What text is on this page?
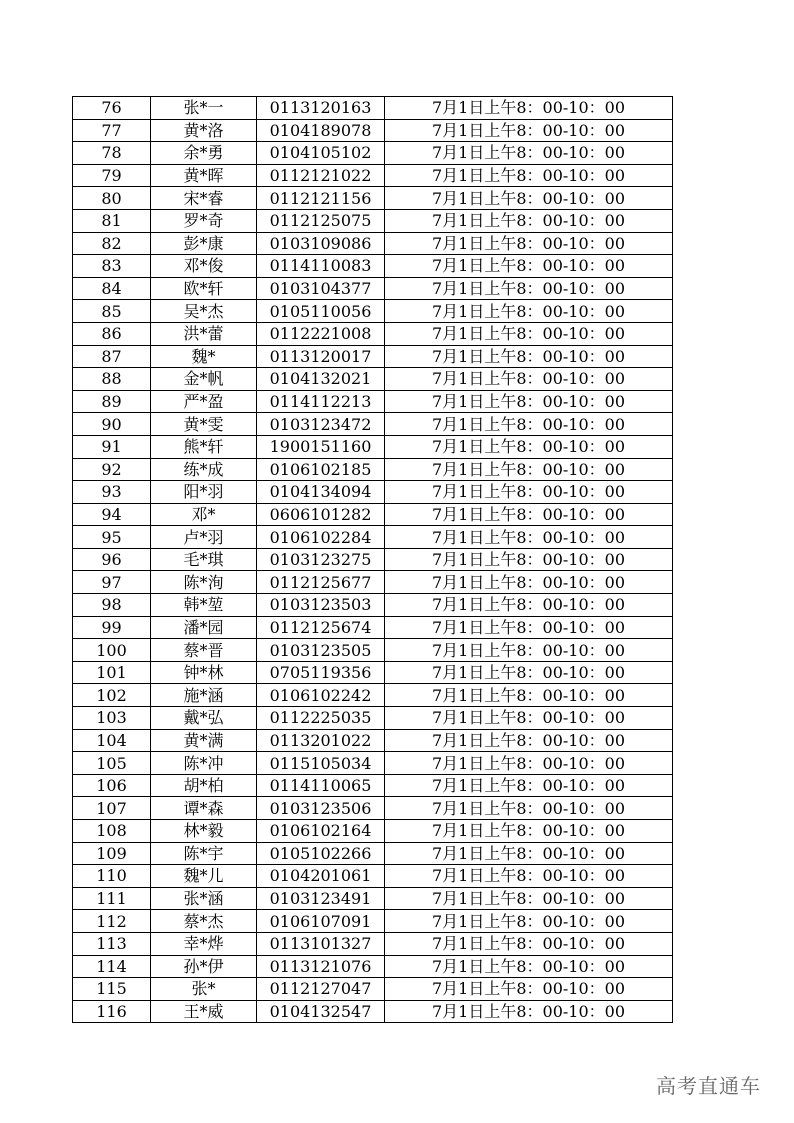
76	张*一	0113120163	7月1日上午8：00-10：00
77	黄*洛	0104189078	7月1日上午8：00-10：00
78	余*勇	0104105102	7月1日上午8：00-10：00
79	黄*晖	0112121022	7月1日上午8：00-10：00
80	宋*睿	0112121156	7月1日上午8：00-10：00
81	罗*奇	0112125075	7月1日上午8：00-10：00
82	彭*康	0103109086	7月1日上午8：00-10：00
83	邓*俊	0114110083	7月1日上午8：00-10：00
84	欧*轩	0103104377	7月1日上午8：00-10：00
85	吴*杰	0105110056	7月1日上午8：00-10：00
86	洪*蕾	0112221008	7月1日上午8：00-10：00
87	魏*	0113120017	7月1日上午8：00-10：00
88	金*帆	0104132021	7月1日上午8：00-10：00
89	严*盈	0114112213	7月1日上午8：00-10：00
90	黄*雯	0103123472	7月1日上午8：00-10：00
91	熊*轩	1900151160	7月1日上午8：00-10：00
92	练*成	0106102185	7月1日上午8：00-10：00
93	阳*羽	0104134094	7月1日上午8：00-10：00
94	邓*	0606101282	7月1日上午8：00-10：00
95	卢*羽	0106102284	7月1日上午8：00-10：00
96	毛*琪	0103123275	7月1日上午8：00-10：00
97	陈*洵	0112125677	7月1日上午8：00-10：00
98	韩*堃	0103123503	7月1日上午8：00-10：00
99	潘*园	0112125674	7月1日上午8：00-10：00
100	蔡*晋	0103123505	7月1日上午8：00-10：00
101	钟*林	0705119356	7月1日上午8：00-10：00
102	施*涵	0106102242	7月1日上午8：00-10：00
103	戴*弘	0112225035	7月1日上午8：00-10：00
104	黄*满	0113201022	7月1日上午8：00-10：00
105	陈*冲	0115105034	7月1日上午8：00-10：00
106	胡*柏	0114110065	7月1日上午8：00-10：00
107	谭*森	0103123506	7月1日上午8：00-10：00
108	林*毅	0106102164	7月1日上午8：00-10：00
109	陈*宇	0105102266	7月1日上午8：00-10：00
110	魏*儿	0104201061	7月1日上午8：00-10：00
111	张*涵	0103123491	7月1日上午8：00-10：00
112	蔡*杰	0106107091	7月1日上午8：00-10：00
113	幸*烨	0113101327	7月1日上午8：00-10：00
114	孙*伊	0113121076	7月1日上午8：00-10：00
115	张*	0112127047	7月1日上午8：00-10：00
116	王*威	0104132547	7月1日上午8：00-10：00
高考直通车
